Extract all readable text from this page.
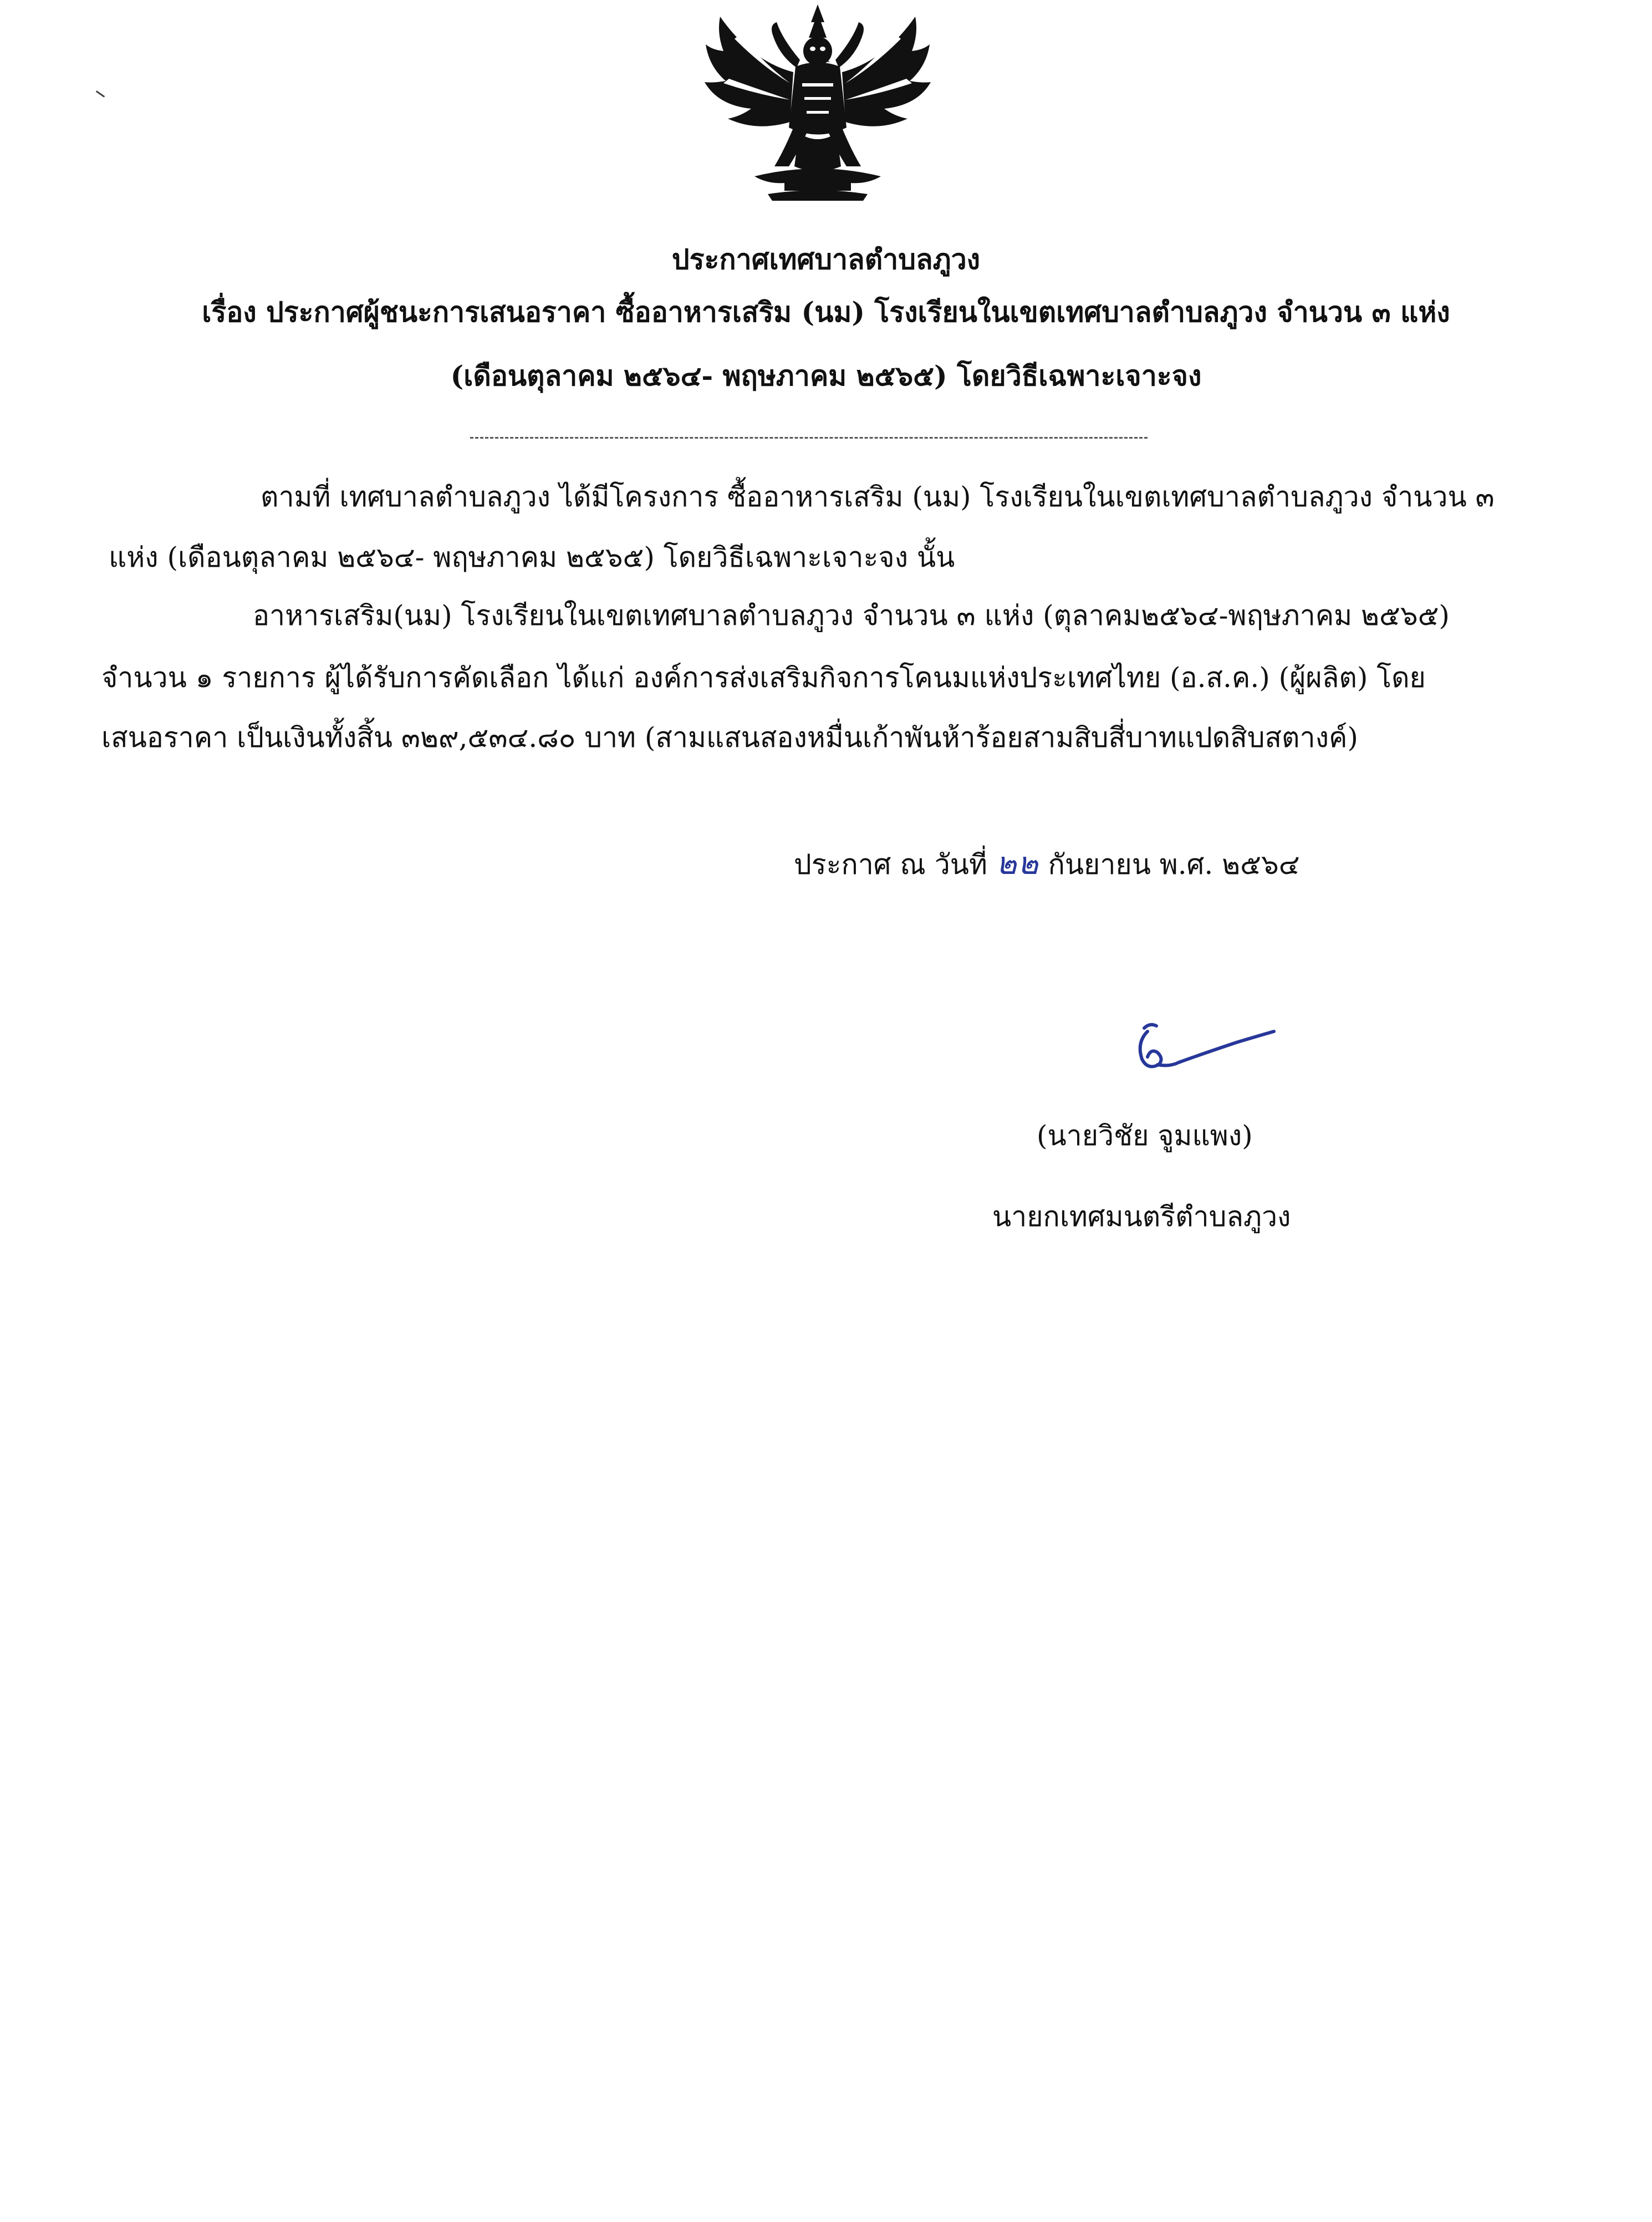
ประกาศเทศบาลตำบลภูวง
เรื่อง ประกาศผู้ชนะการเสนอราคา ซื้ออาหารเสริม (นม) โรงเรียนในเขตเทศบาลตำบลภูวง จำนวน ๓ แห่ง
(เดือนตุลาคม ๒๕๖๔- พฤษภาคม ๒๕๖๕) โดยวิธีเฉพาะเจาะจง
ตามที่ เทศบาลตำบลภูวง ได้มีโครงการ ซื้ออาหารเสริม (นม) โรงเรียนในเขตเทศบาลตำบลภูวง จำนวน ๓
แห่ง (เดือนตุลาคม ๒๕๖๔- พฤษภาคม ๒๕๖๕) โดยวิธีเฉพาะเจาะจง นั้น
อาหารเสริม(นม) โรงเรียนในเขตเทศบาลตำบลภูวง จำนวน ๓ แห่ง (ตุลาคม๒๕๖๔-พฤษภาคม ๒๕๖๕)
จำนวน ๑ รายการ ผู้ได้รับการคัดเลือก ได้แก่ องค์การส่งเสริมกิจการโคนมแห่งประเทศไทย (อ.ส.ค.) (ผู้ผลิต) โดย
เสนอราคา เป็นเงินทั้งสิ้น ๓๒๙,๕๓๔.๘๐ บาท (สามแสนสองหมื่นเก้าพันห้าร้อยสามสิบสี่บาทแปดสิบสตางค์)
ประกาศ ณ วันที่ ๒๒ กันยายน พ.ศ. ๒๕๖๔
(นายวิชัย จูมแพง)
นายกเทศมนตรีตำบลภูวง
